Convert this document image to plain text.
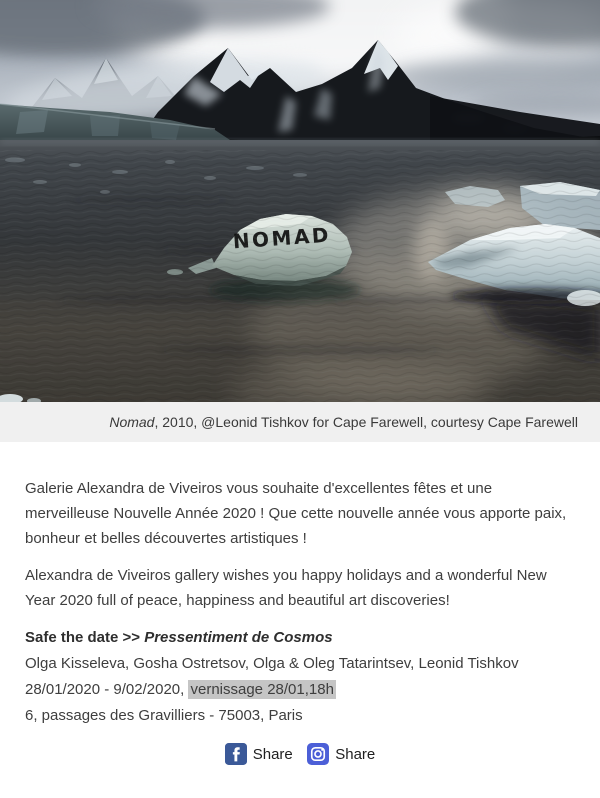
Nomad, 2010, @Leonid Tishkov for Cape Farewell, courtesy Cape Farewell

Galerie Alexandra de Viveiros vous souhaite d'excellentes fêtes et une merveilleuse Nouvelle Année 2020 ! Que cette nouvelle année vous apporte paix, bonheur et belles découvertes artistiques !

Alexandra de Viveiros gallery wishes you happy holidays and a wonderful New Year 2020 full of peace, happiness and beautiful art discoveries!

Safe the date >> Pressentiment de Cosmos

Olga Kisseleva, Gosha Ostretsov, Olga & Oleg Tatarintsev, Leonid Tishkov

28/01/2020 - 9/02/2020, vernissage 28/01,18h

6, passages des Gravilliers - 75003, Paris

Share
	Share
